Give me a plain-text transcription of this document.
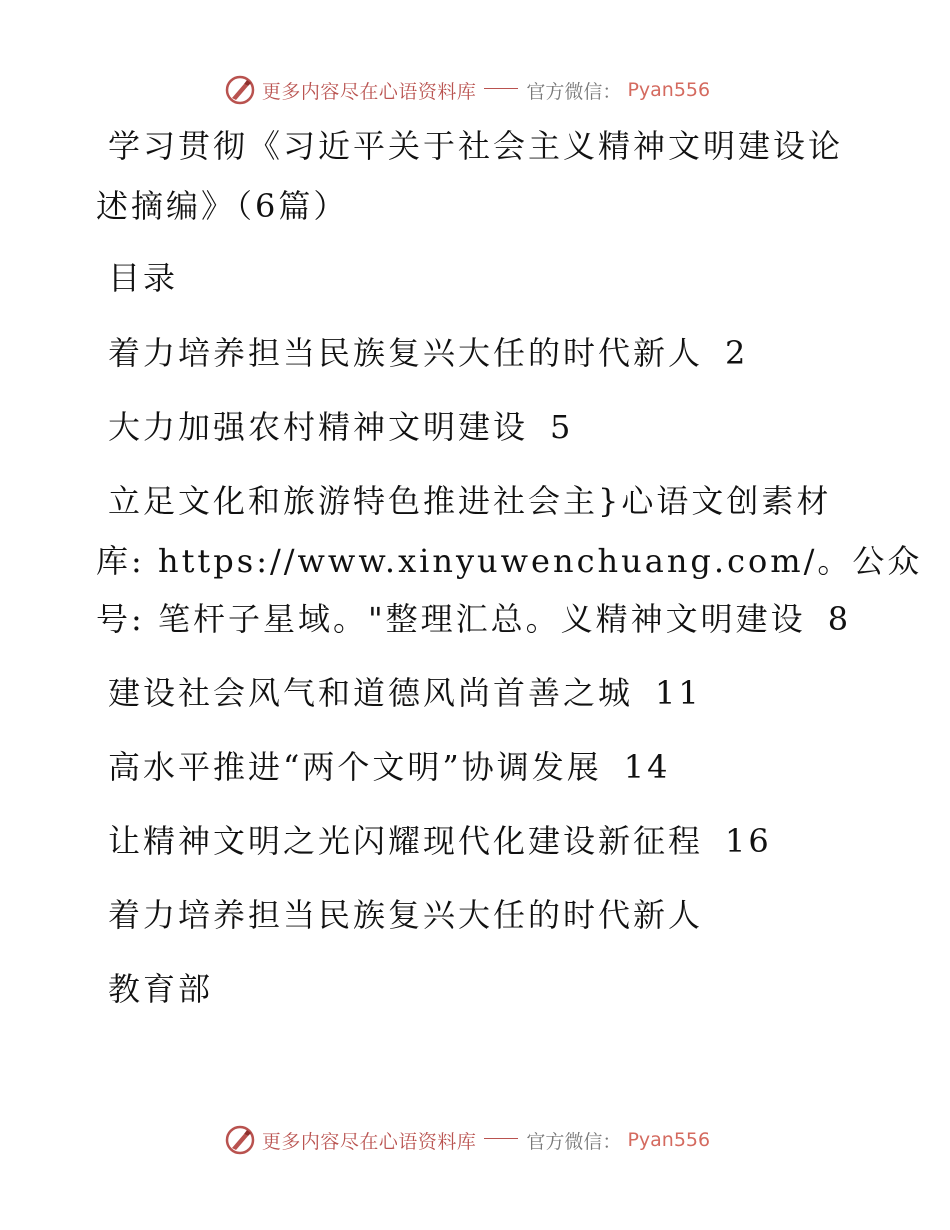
更多内容尽在心语资料库	官方微信： Pyan556
学习贯彻《习近平关于社会主义精神文明建设论
述摘编》（6篇）
目录
着力培养担当民族复兴大任的时代新人 2
大力加强农村精神文明建设 5
立足文化和旅游特色推进社会主}心语文创素材
库: https://www.xinyuwenchuang.com/。公众
号: 笔杆子星域。"整理汇总。义精神文明建设 8
建设社会风气和道德风尚首善之城 11
高水平推进“两个文明”协调发展 14
让精神文明之光闪耀现代化建设新征程 16
着力培养担当民族复兴大任的时代新人
教育部
更多内容尽在心语资料库	官方微信： Pyan556
